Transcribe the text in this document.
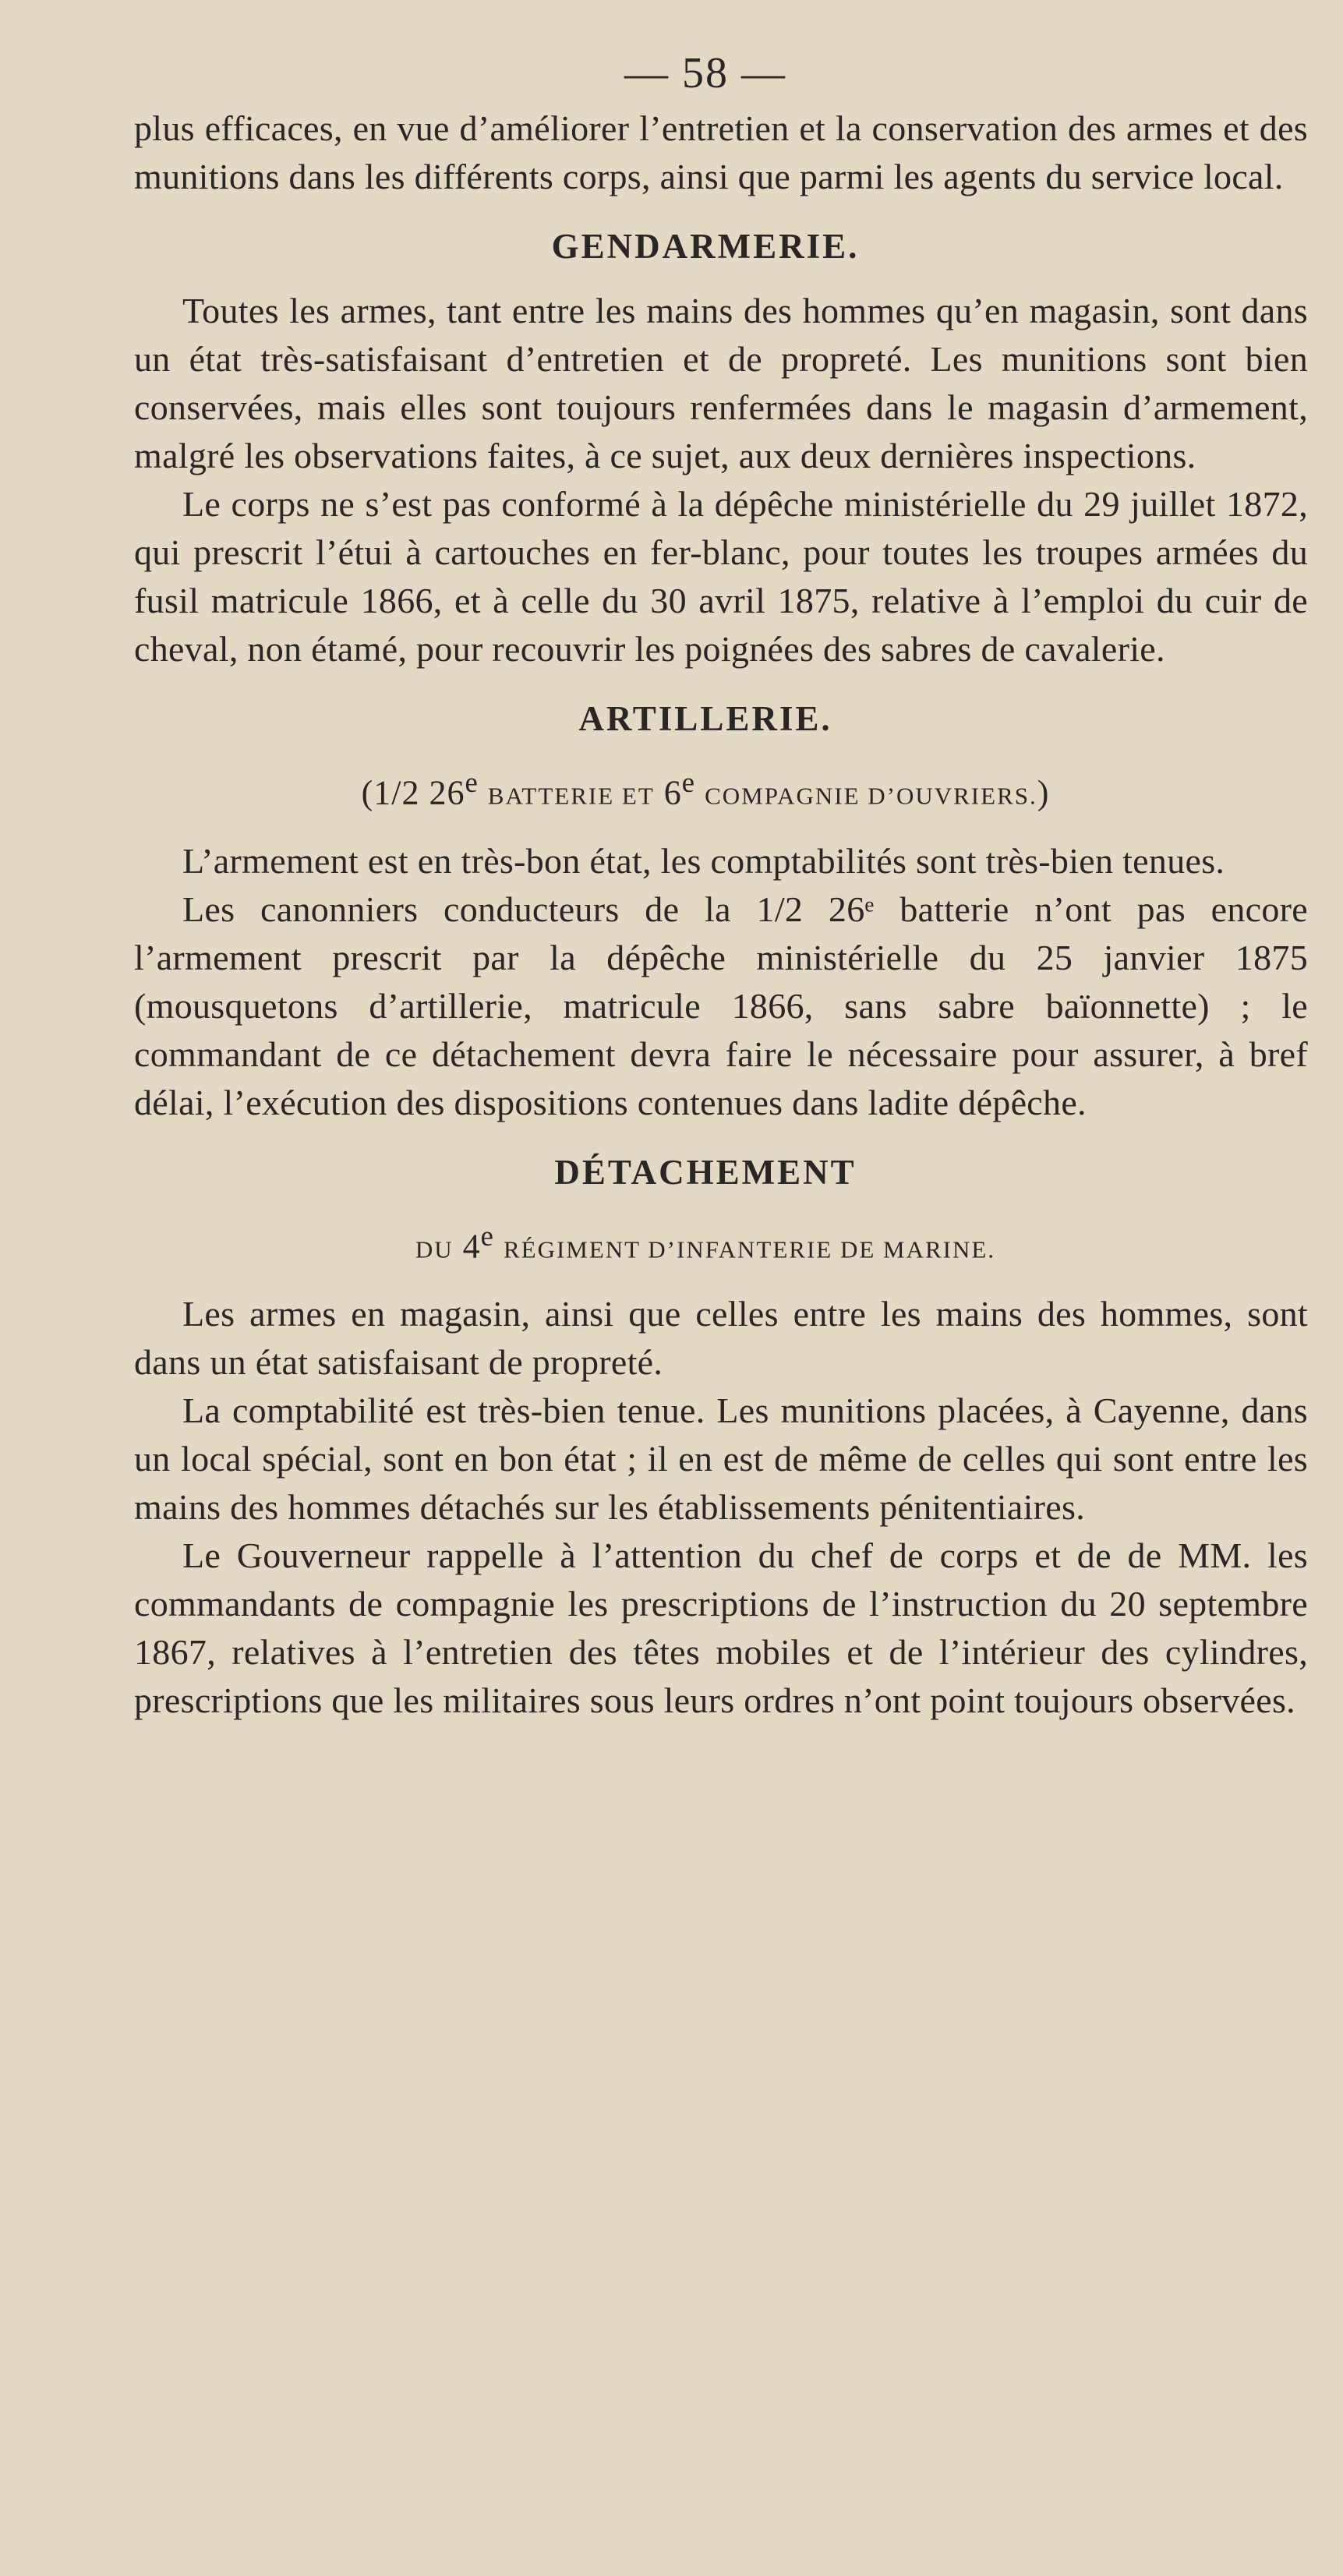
— 58 —

plus efficaces, en vue d’améliorer l’entretien et la conservation des armes et des munitions dans les différents corps, ainsi que parmi les agents du service local.

GENDARMERIE.

Toutes les armes, tant entre les mains des hommes qu’en magasin, sont dans un état très-satisfaisant d’entretien et de propreté. Les munitions sont bien conservées, mais elles sont toujours renfermées dans le magasin d’armement, malgré les observations faites, à ce sujet, aux deux dernières inspections.

Le corps ne s’est pas conformé à la dépêche ministérielle du 29 juillet 1872, qui prescrit l’étui à cartouches en fer-blanc, pour toutes les troupes armées du fusil matricule 1866, et à celle du 30 avril 1875, relative à l’emploi du cuir de cheval, non étamé, pour recouvrir les poignées des sabres de cavalerie.

ARTILLERIE.
(1/2 26e BATTERIE ET 6e COMPAGNIE D’OUVRIERS.)

L’armement est en très-bon état, les comptabilités sont très-bien tenues.

Les canonniers conducteurs de la 1/2 26ᵉ batterie n’ont pas encore l’armement prescrit par la dépêche ministérielle du 25 janvier 1875 (mousquetons d’artillerie, matricule 1866, sans sabre baïonnette) ; le commandant de ce détachement devra faire le nécessaire pour assurer, à bref délai, l’exécution des dispositions contenues dans ladite dépêche.

DÉTACHEMENT
DU 4e RÉGIMENT D’INFANTERIE DE MARINE.

Les armes en magasin, ainsi que celles entre les mains des hommes, sont dans un état satisfaisant de propreté.

La comptabilité est très-bien tenue. Les munitions placées, à Cayenne, dans un local spécial, sont en bon état ; il en est de même de celles qui sont entre les mains des hommes détachés sur les établissements pénitentiaires.

Le Gouverneur rappelle à l’attention du chef de corps et de de MM. les commandants de compagnie les prescriptions de l’instruction du 20 septembre 1867, relatives à l’entretien des têtes mobiles et de l’intérieur des cylindres, prescriptions que les militaires sous leurs ordres n’ont point toujours observées.
